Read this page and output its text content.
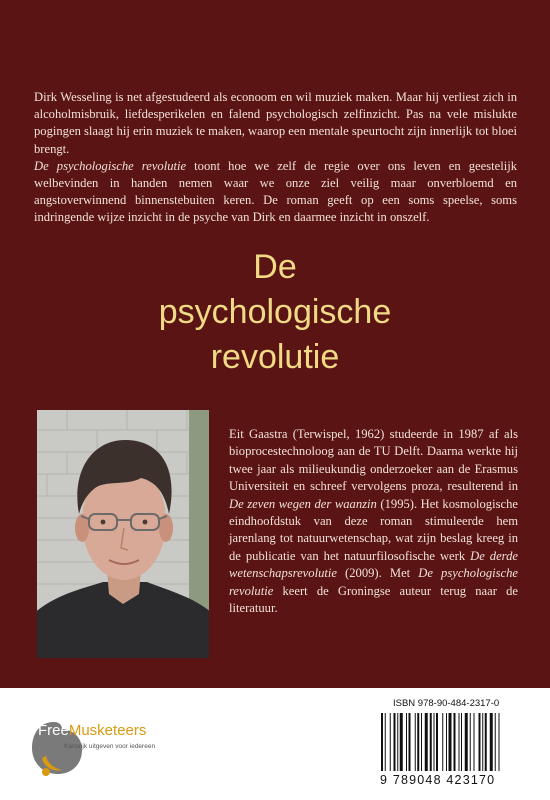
Dirk Wesseling is net afgestudeerd als econoom en wil muziek maken. Maar hij verliest zich in alcoholmisbruik, liefdesperikelen en falend psychologisch zelfinzicht. Pas na vele mislukte pogingen slaagt hij erin muziek te maken, waarop een mentale speurtocht zijn innerlijk tot bloei brengt.

De psychologische revolutie toont hoe we zelf de regie over ons leven en geestelijk welbevinden in handen nemen waar we onze ziel veilig maar onverbloemd en angstoverwinnend binnenstebuiten keren. De roman geeft op een soms speelse, soms indringende wijze inzicht in de psyche van Dirk en daarmee inzicht in onszelf.

De
psychologische
revolutie

Eit Gaastra (Terwispel, 1962) studeerde in 1987 af als bioprocestechnoloog aan de TU Delft. Daarna werkte hij twee jaar als milieukundig onderzoeker aan de Erasmus Universiteit en schreef vervolgens proza, resulterend in De zeven wegen der waanzin (1995). Het kosmologische eindhoofdstuk van deze roman stimuleerde hem jarenlang tot natuurwetenschap, wat zijn beslag kreeg in de publicatie van het natuurfilosofische werk De derde wetenschapsrevolutie (2009). Met De psychologische revolutie keert de Groningse auteur terug naar de literatuur.

FreeMusketeers
Kansrijk uitgeven voor iedereen
ISBN 978-90-484-2317-0
9 789048 423170
